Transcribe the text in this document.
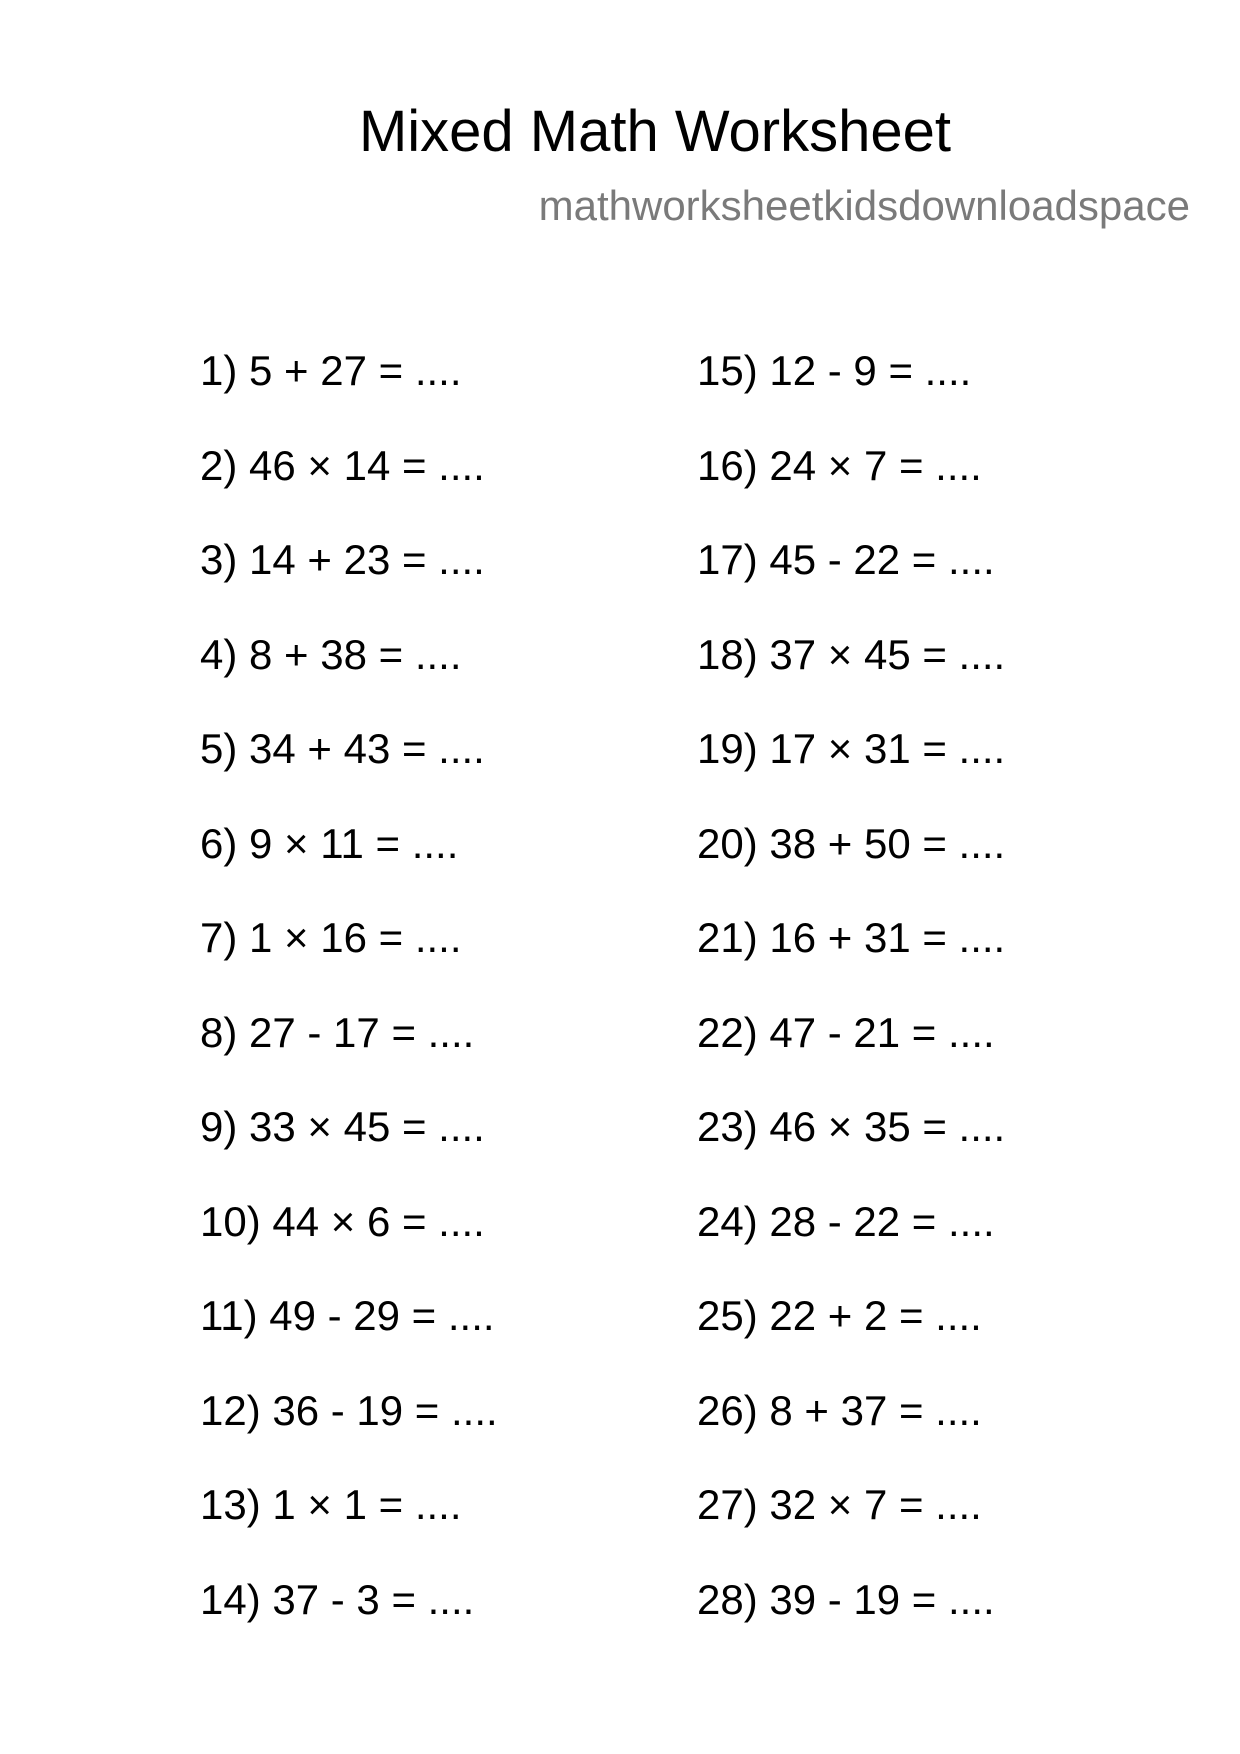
Mixed Math Worksheet

mathworksheetkidsdownloadspace

1) 5 + 27 = ....
2) 46 × 14 = ....
3) 14 + 23 = ....
4) 8 + 38 = ....
5) 34 + 43 = ....
6) 9 × 11 = ....
7) 1 × 16 = ....
8) 27 - 17 = ....
9) 33 × 45 = ....
10) 44 × 6 = ....
11) 49 - 29 = ....
12) 36 - 19 = ....
13) 1 × 1 = ....
14) 37 - 3 = ....
15) 12 - 9 = ....
16) 24 × 7 = ....
17) 45 - 22 = ....
18) 37 × 45 = ....
19) 17 × 31 = ....
20) 38 + 50 = ....
21) 16 + 31 = ....
22) 47 - 21 = ....
23) 46 × 35 = ....
24) 28 - 22 = ....
25) 22 + 2 = ....
26) 8 + 37 = ....
27) 32 × 7 = ....
28) 39 - 19 = ....
